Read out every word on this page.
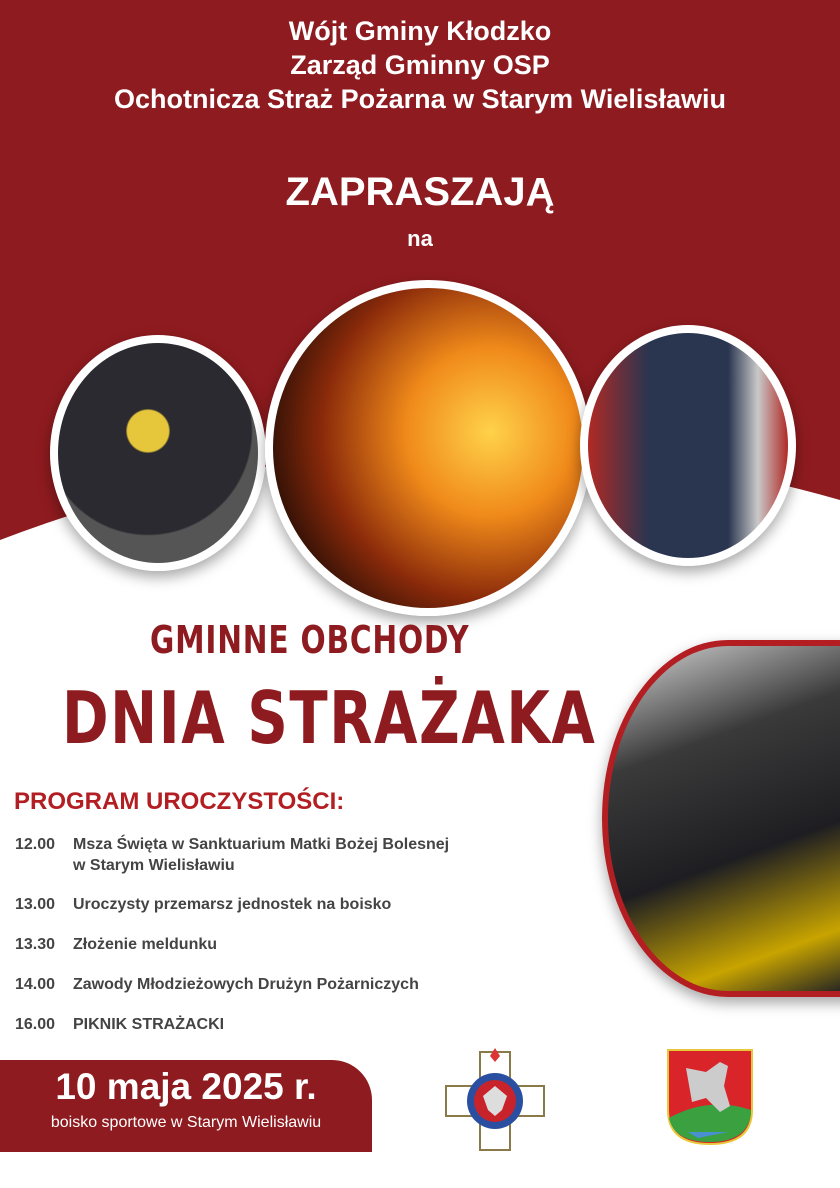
Wójt Gminy Kłodzko
Zarząd Gminny OSP
Ochotnicza Straż Pożarna w Starym Wielisławiu
ZAPRASZAJĄ
na
GMINNE OBCHODY
DNIA STRAŻAKA
PROGRAM UROCZYSTOŚCI:
12.00	Msza Święta w Sanktuarium Matki Bożej Bolesnej
w Starym Wielisławiu
13.00	Uroczysty przemarsz jednostek na boisko
13.30	Złożenie meldunku
14.00	Zawody Młodzieżowych Drużyn Pożarniczych
16.00	PIKNIK STRAŻACKI
10 maja 2025 r.
boisko sportowe w Starym Wielisławiu
